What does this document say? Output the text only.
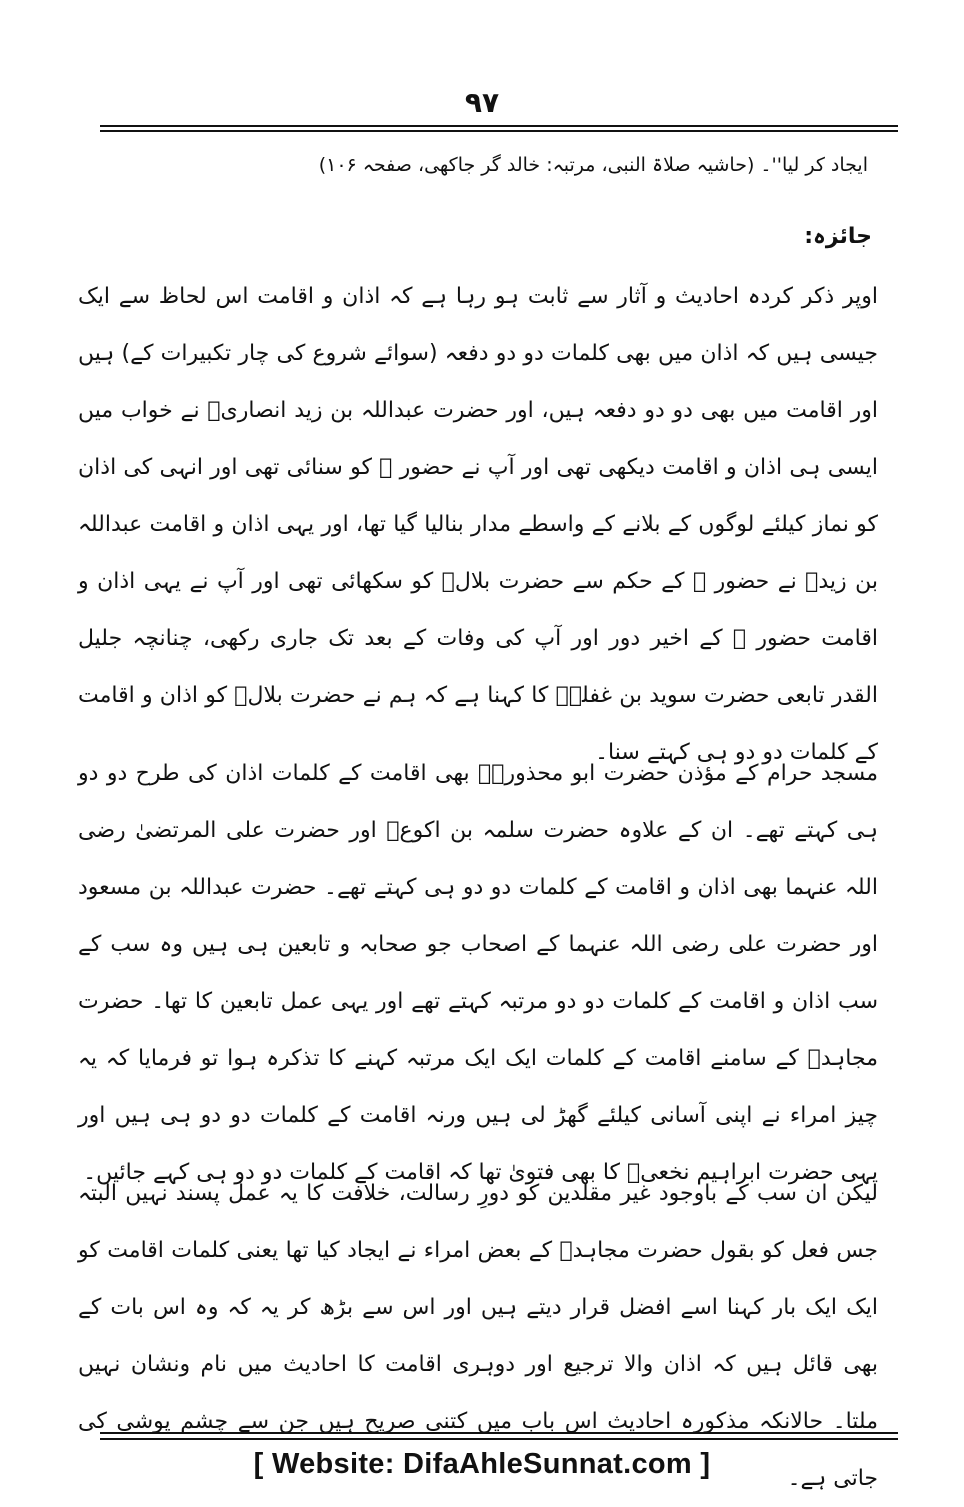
۹۷
ایجاد کر لیا''۔ (حاشیہ صلاۃ النبی، مرتبہ: خالد گر جاکھی، صفحہ ۱۰۶)
جائزہ:
اوپر ذکر کردہ احادیث و آثار سے ثابت ہو رہا ہے کہ اذان و اقامت اس لحاظ سے ایک جیسی ہیں کہ اذان میں بھی کلمات دو دو دفعہ (سوائے شروع کی چار تکبیرات کے) ہیں اور اقامت میں بھی دو دو دفعہ ہیں، اور حضرت عبداللہ بن زید انصاریؓ نے خواب میں ایسی ہی اذان و اقامت دیکھی تھی اور آپ نے حضور ﷺ کو سنائی تھی اور انہی کی اذان کو نماز کیلئے لوگوں کے بلانے کے واسطے مدار بنالیا گیا تھا، اور یہی اذان و اقامت عبداللہ بن زیدؓ نے حضور ﷺ کے حکم سے حضرت بلالؓ کو سکھائی تھی اور آپ نے یہی اذان و اقامت حضور ﷺ کے اخیر دور اور آپ کی وفات کے بعد تک جاری رکھی، چنانچہ جلیل القدر تابعی حضرت سوید بن غفلہؒ کا کہنا ہے کہ ہم نے حضرت بلالؓ کو اذان و اقامت کے کلمات دو دو ہی کہتے سنا۔
مسجد حرام کے مؤذن حضرت ابو محذورہؓ بھی اقامت کے کلمات اذان کی طرح دو دو ہی کہتے تھے۔ ان کے علاوہ حضرت سلمہ بن اکوعؓ اور حضرت علی المرتضیٰ رضی اللہ عنہما بھی اذان و اقامت کے کلمات دو دو ہی کہتے تھے۔ حضرت عبداللہ بن مسعود اور حضرت علی رضی اللہ عنہما کے اصحاب جو صحابہ و تابعین ہی ہیں وہ سب کے سب اذان و اقامت کے کلمات دو دو مرتبہ کہتے تھے اور یہی عمل تابعین کا تھا۔ حضرت مجاہدؒ کے سامنے اقامت کے کلمات ایک ایک مرتبہ کہنے کا تذکرہ ہوا تو فرمایا کہ یہ چیز امراء نے اپنی آسانی کیلئے گھڑ لی ہیں ورنہ اقامت کے کلمات دو دو ہی ہیں اور یہی حضرت ابراہیم نخعیؒ کا بھی فتویٰ تھا کہ اقامت کے کلمات دو دو ہی کہے جائیں۔
لیکن ان سب کے باوجود غیر مقلدین کو دورِ رسالت، خلافت کا یہ عمل پسند نہیں البتہ جس فعل کو بقول حضرت مجاہدؒ کے بعض امراء نے ایجاد کیا تھا یعنی کلمات اقامت کو ایک ایک بار کہنا اسے افضل قرار دیتے ہیں اور اس سے بڑھ کر یہ کہ وہ اس بات کے بھی قائل ہیں کہ اذان والا ترجیع اور دوہری اقامت کا احادیث میں نام ونشان نہیں ملتا۔ حالانکہ مذکورہ احادیث اس باب میں کتنی صریح ہیں جن سے چشم پوشی کی جاتی ہے۔
[ Website: DifaAhleSunnat.com ]
